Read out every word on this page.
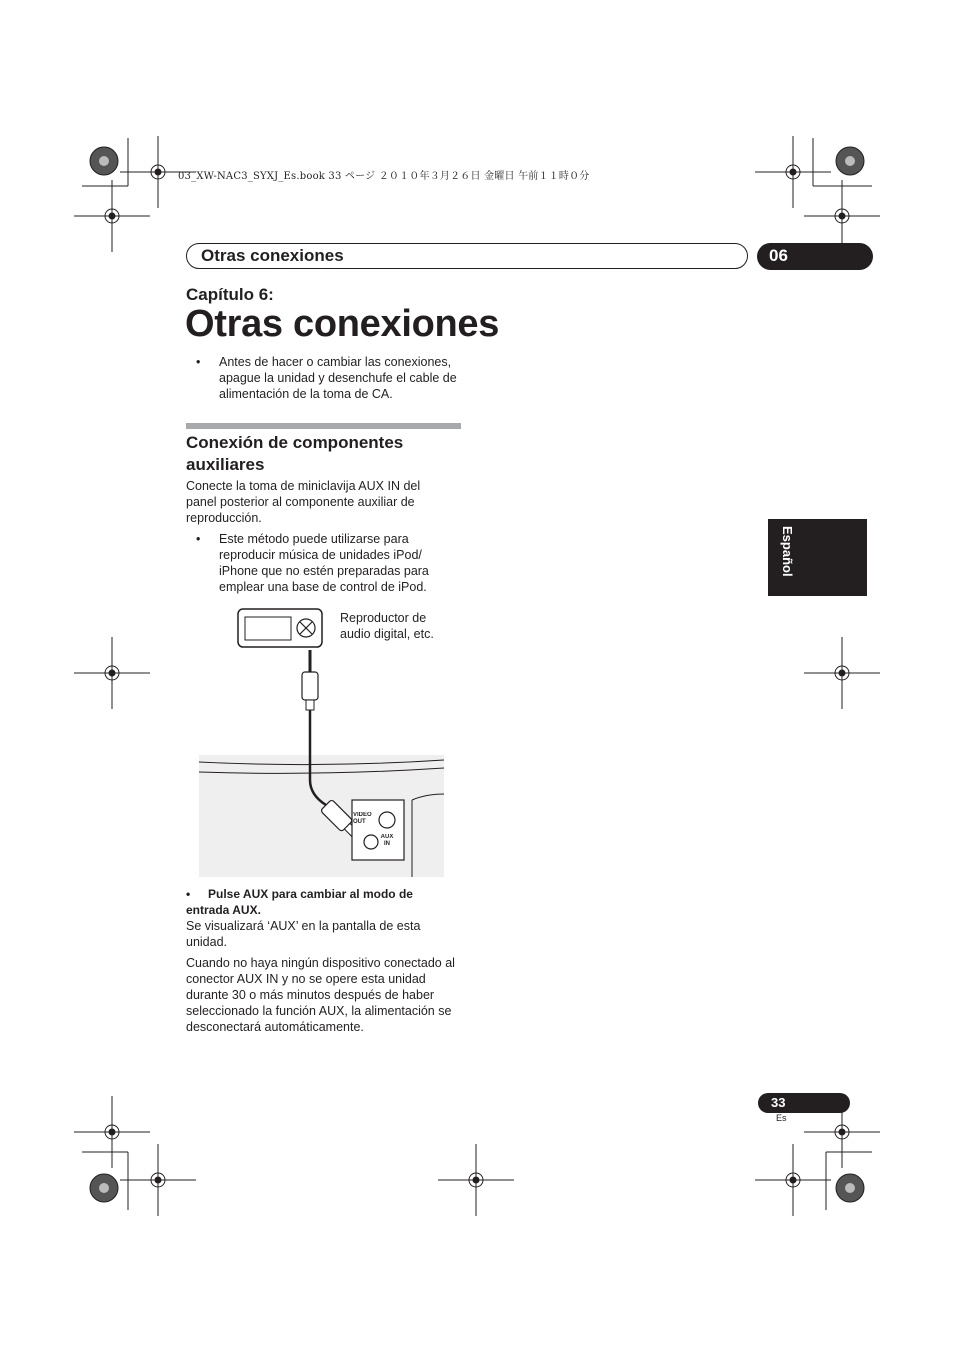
03_XW-NAC3_SYXJ_Es.book 33 ページ ２０１０年３月２６日 金曜日 午前１１時０分
Otras conexiones	06
Capítulo 6:
Otras conexiones
• Antes de hacer o cambiar las conexiones, apague la unidad y desenchufe el cable de alimentación de la toma de CA.
Conexión de componentes auxiliares
Conecte la toma de miniclavija AUX IN del panel posterior al componente auxiliar de reproducción.
• Este método puede utilizarse para reproducir música de unidades iPod/ iPhone que no estén preparadas para emplear una base de control de iPod.
VIDEO OUT
AUX IN
Reproductor de audio digital, etc.
• Pulse AUX para cambiar al modo de entrada AUX.
Se visualizará ‘AUX’ en la pantalla de esta unidad.
Cuando no haya ningún dispositivo conectado al conector AUX IN y no se opere esta unidad durante 30 o más minutos después de haber seleccionado la función AUX, la alimentación se desconectará automáticamente.
Español
33
Es
